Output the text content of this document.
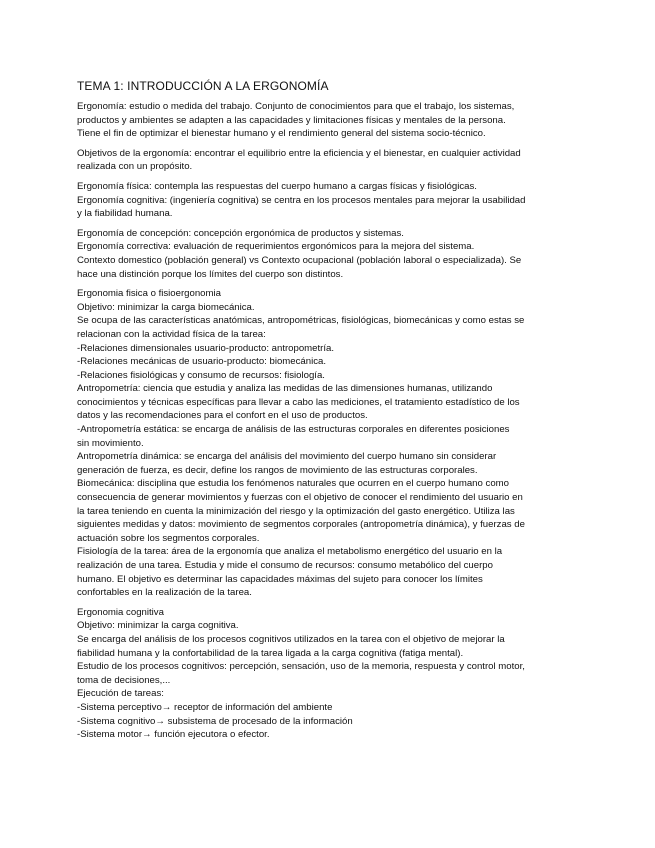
TEMA 1: INTRODUCCIÓN A LA ERGONOMÍA
Ergonomía: estudio o medida del trabajo. Conjunto de conocimientos para que el trabajo, los sistemas,
productos y ambientes se adapten a las capacidades y limitaciones físicas y mentales de la persona.
Tiene el fin de optimizar el bienestar humano y el rendimiento general del sistema socio-técnico.
Objetivos de la ergonomía: encontrar el equilibrio entre la eficiencia y el bienestar, en cualquier actividad
realizada con un propósito.
Ergonomía física: contempla las respuestas del cuerpo humano a cargas físicas y fisiológicas.
Ergonomía cognitiva: (ingeniería cognitiva) se centra en los procesos mentales para mejorar la usabilidad
y la fiabilidad humana.
Ergonomía de concepción: concepción ergonómica de productos y sistemas.
Ergonomía correctiva: evaluación de requerimientos ergonómicos para la mejora del sistema.
Contexto domestico (población general) vs Contexto ocupacional (población laboral o especializada). Se
hace una distinción porque los límites del cuerpo son distintos.
Ergonomia fisica o fisioergonomia
Objetivo: minimizar la carga biomecánica.
Se ocupa de las características anatómicas, antropométricas, fisiológicas, biomecánicas y como estas se
relacionan con la actividad física de la tarea:
-Relaciones dimensionales usuario-producto: antropometría.
-Relaciones mecánicas de usuario-producto: biomecánica.
-Relaciones fisiológicas y consumo de recursos: fisiología.
Antropometría: ciencia que estudia y analiza las medidas de las dimensiones humanas, utilizando
conocimientos y técnicas específicas para llevar a cabo las mediciones, el tratamiento estadístico de los
datos y las recomendaciones para el confort en el uso de productos.
-Antropometría estática: se encarga de análisis de las estructuras corporales en diferentes posiciones
sin movimiento.
Antropometría dinámica: se encarga del análisis del movimiento del cuerpo humano sin considerar
generación de fuerza, es decir, define los rangos de movimiento de las estructuras corporales.
Biomecánica: disciplina que estudia los fenómenos naturales que ocurren en el cuerpo humano como
consecuencia de generar movimientos y fuerzas con el objetivo de conocer el rendimiento del usuario en
la tarea teniendo en cuenta la minimización del riesgo y la optimización del gasto energético. Utiliza las
siguientes medidas y datos: movimiento de segmentos corporales (antropometría dinámica), y fuerzas de
actuación sobre los segmentos corporales.
Fisiología de la tarea: área de la ergonomía que analiza el metabolismo energético del usuario en la
realización de una tarea. Estudia y mide el consumo de recursos: consumo metabólico del cuerpo
humano. El objetivo es determinar las capacidades máximas del sujeto para conocer los límites
confortables en la realización de la tarea.
Ergonomia cognitiva
Objetivo: minimizar la carga cognitiva.
Se encarga del análisis de los procesos cognitivos utilizados en la tarea con el objetivo de mejorar la
fiabilidad humana y la confortabilidad de la tarea ligada a la carga cognitiva (fatiga mental).
Estudio de los procesos cognitivos: percepción, sensación, uso de la memoria, respuesta y control motor,
toma de decisiones,...
Ejecución de tareas:
-Sistema perceptivo→ receptor de información del ambiente
-Sistema cognitivo→ subsistema de procesado de la información
-Sistema motor→ función ejecutora o efector.
